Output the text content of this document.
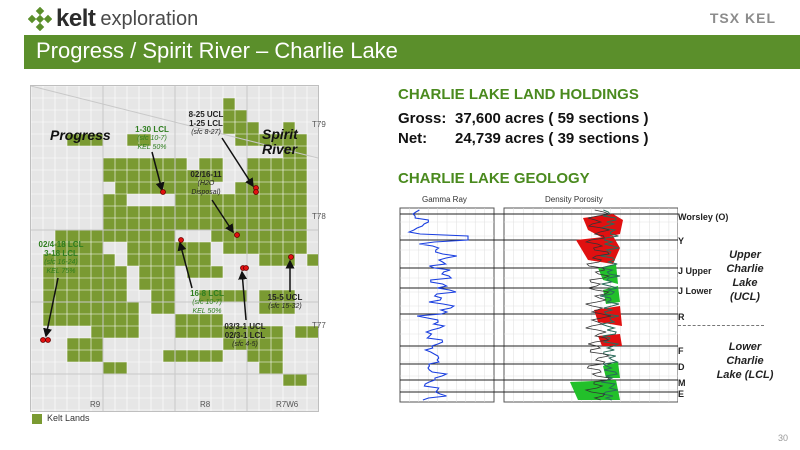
kelt exploration	TSX KEL
Progress / Spirit River – Charlie Lake
Progress	Spirit River
T79
T78
T77
R9	R8	R7W6
1-30 LCL
(sfc 10-7)
KEL 50%
8-25 UCL
1-25 LCL
(sfc 8-27)
02/16-11
(H2O
Disposal)
02/4-18 LCL
3-18 LCL
(sfc 16-24)
KEL 75%
16-8 LCL
(sfc 10-7)
KEL 50%
15-5 UCL
(sfc 15-32)
03/3-1 UCL
02/3-1 LCL
(sfc 4-5)
Kelt Lands
CHARLIE LAKE LAND HOLDINGS
Gross: 37,600 acres ( 59 sections )
Net: 24,739 acres ( 39 sections )
CHARLIE LAKE GEOLOGY
Gamma Ray	Density Porosity
Worsley (O)
Y
J Upper
J Lower
R
F
D
M
E
Upper Charlie Lake (UCL)
Lower Charlie Lake (LCL)
30
